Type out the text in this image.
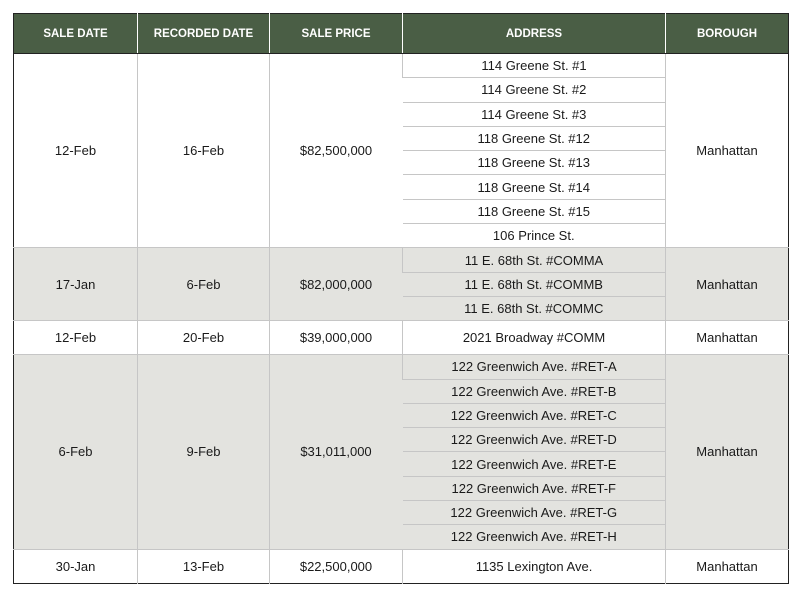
SALE DATE	RECORDED DATE	SALE PRICE	ADDRESS	BOROUGH
12-Feb	16-Feb	$82,500,000	114 Greene St. #1	Manhattan
			114 Greene St. #2	
			114 Greene St. #3	
			118 Greene St. #12	
			118 Greene St. #13	
			118 Greene St. #14	
			118 Greene St. #15	
			106 Prince St.	
17-Jan	6-Feb	$82,000,000	11 E. 68th St. #COMMA	Manhattan
			11 E. 68th St. #COMMB	
			11 E. 68th St. #COMMC	
12-Feb	20-Feb	$39,000,000	2021 Broadway #COMM	Manhattan
6-Feb	9-Feb	$31,011,000	122 Greenwich Ave. #RET-A	Manhattan
			122 Greenwich Ave. #RET-B	
			122 Greenwich Ave. #RET-C	
			122 Greenwich Ave. #RET-D	
			122 Greenwich Ave. #RET-E	
			122 Greenwich Ave. #RET-F	
			122 Greenwich Ave. #RET-G	
			122 Greenwich Ave. #RET-H	
30-Jan	13-Feb	$22,500,000	1135 Lexington Ave.	Manhattan
